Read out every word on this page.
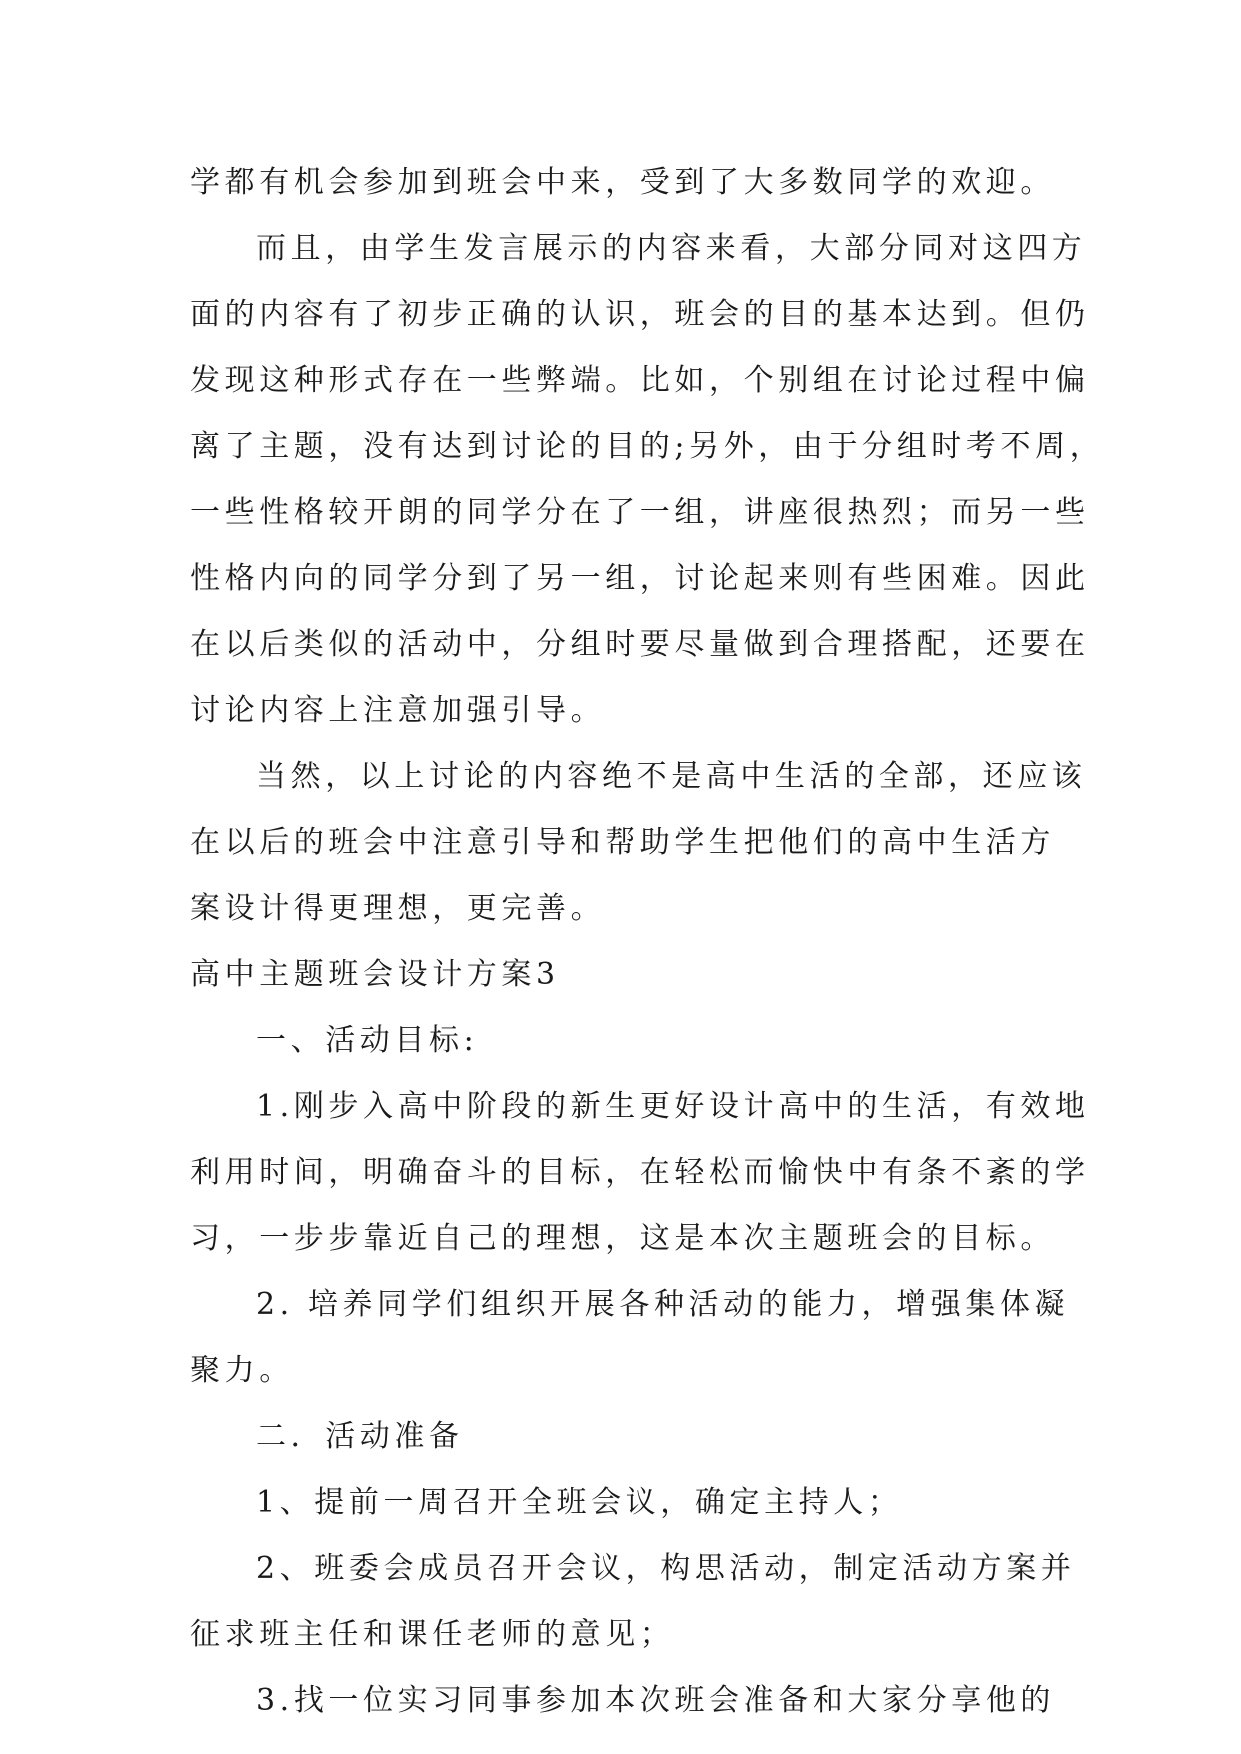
学都有机会参加到班会中来，受到了大多数同学的欢迎。
而且，由学生发言展示的内容来看，大部分同对这四方
面的内容有了初步正确的认识，班会的目的基本达到。但仍
发现这种形式存在一些弊端。比如，个别组在讨论过程中偏
离了主题，没有达到讨论的目的;另外，由于分组时考不周，
一些性格较开朗的同学分在了一组，讲座很热烈；而另一些
性格内向的同学分到了另一组，讨论起来则有些困难。因此
在以后类似的活动中，分组时要尽量做到合理搭配，还要在
讨论内容上注意加强引导。
当然，以上讨论的内容绝不是高中生活的全部，还应该
在以后的班会中注意引导和帮助学生把他们的高中生活方
案设计得更理想，更完善。
高中主题班会设计方案3
一、活动目标:
1.刚步入高中阶段的新生更好设计高中的生活，有效地
利用时间，明确奋斗的目标，在轻松而愉快中有条不紊的学
习，一步步靠近自己的理想，这是本次主题班会的目标。
2. 培养同学们组织开展各种活动的能力，增强集体凝
聚力。
二．活动准备
1、提前一周召开全班会议，确定主持人；
2、班委会成员召开会议，构思活动，制定活动方案并
征求班主任和课任老师的意见；
3.找一位实习同事参加本次班会准备和大家分享他的
